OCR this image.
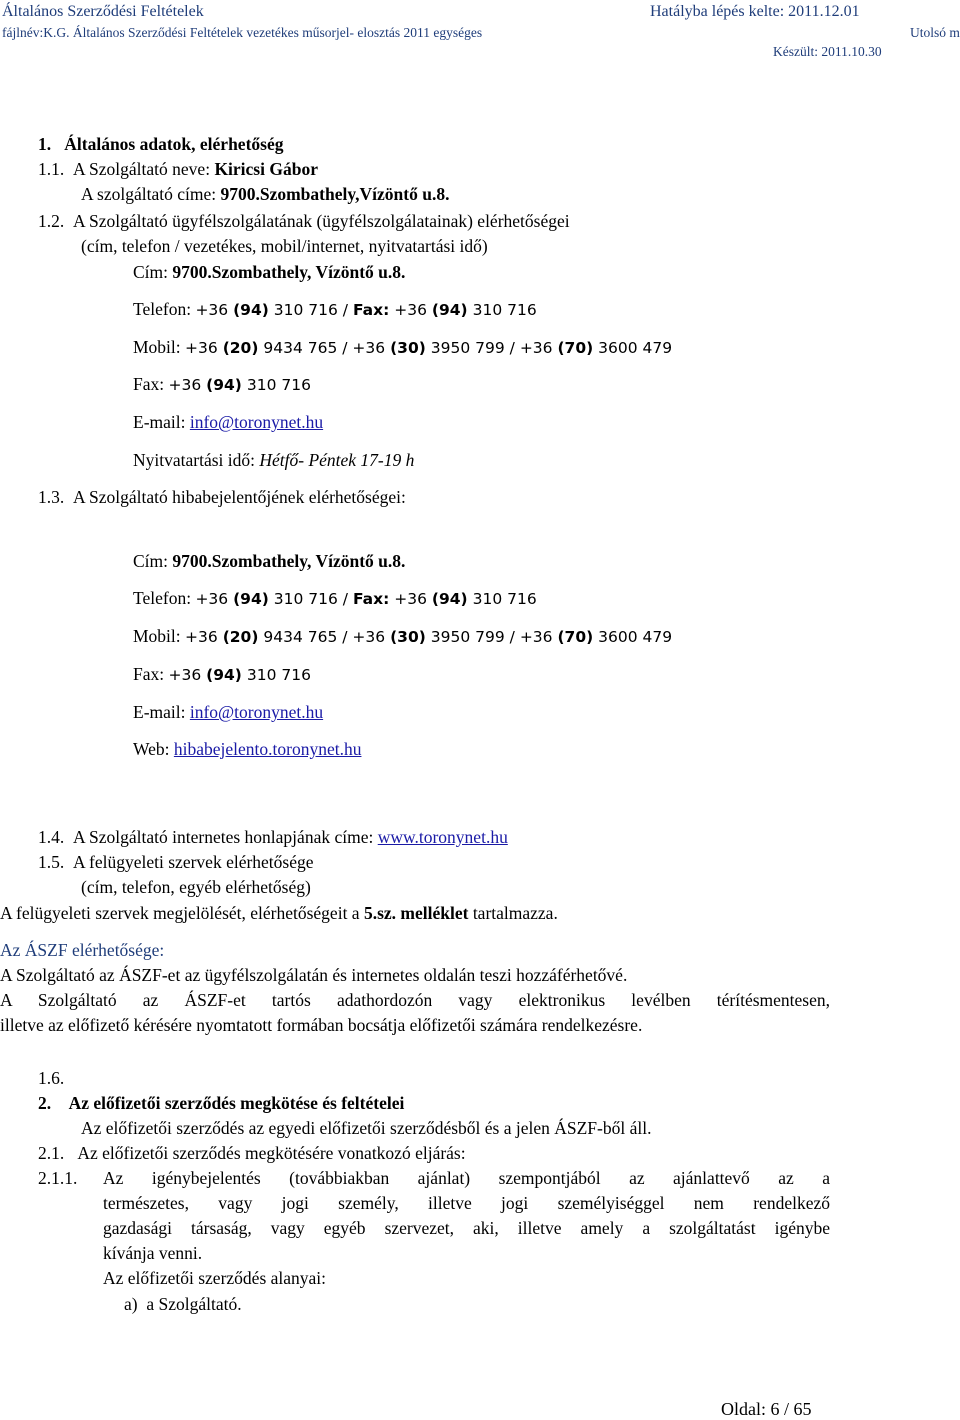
Általános Szerződési Feltételek	Hatályba lépés kelte: 2011.12.01
fájlnév:K.G. Általános Szerződési Feltételek vezetékes műsorjel- elosztás 2011 egységes	Utolsó m
Készült: 2011.10.30
1. Általános adatok, elérhetőség
1.1. A Szolgáltató neve: Kiricsi Gábor
A szolgáltató címe: 9700.Szombathely,Vízöntő u.8.
1.2. A Szolgáltató ügyfélszolgálatának (ügyfélszolgálatainak) elérhetőségei
(cím, telefon / vezetékes, mobil/internet, nyitvatartási idő)
Cím: 9700.Szombathely, Vízöntő u.8.
Telefon: +36 (94) 310 716 / Fax: +36 (94) 310 716
Mobil: +36 (20) 9434 765 / +36 (30) 3950 799 / +36 (70) 3600 479
Fax: +36 (94) 310 716
E-mail: info@toronynet.hu
Nyitvatartási idő: Hétfő- Péntek 17-19 h
1.3. A Szolgáltató hibabejelentőjének elérhetőségei:
Cím: 9700.Szombathely, Vízöntő u.8.
Telefon: +36 (94) 310 716 / Fax: +36 (94) 310 716
Mobil: +36 (20) 9434 765 / +36 (30) 3950 799 / +36 (70) 3600 479
Fax: +36 (94) 310 716
E-mail: info@toronynet.hu
Web: hibabejelento.toronynet.hu
1.4. A Szolgáltató internetes honlapjának címe: www.toronynet.hu
1.5. A felügyeleti szervek elérhetősége
(cím, telefon, egyéb elérhetőség)
A felügyeleti szervek megjelölését, elérhetőségeit a 5.sz. melléklet tartalmazza.
Az ÁSZF elérhetősége:
A Szolgáltató az ÁSZF-et az ügyfélszolgálatán és internetes oldalán teszi hozzáférhetővé.
A Szolgáltató az ÁSZF-et tartós adathordozón vagy elektronikus levélben térítésmentesen,
illetve az előfizető kérésére nyomtatott formában bocsátja előfizetői számára rendelkezésre.
1.6.
2. Az előfizetői szerződés megkötése és feltételei
Az előfizetői szerződés az egyedi előfizetői szerződésből és a jelen ÁSZF-ből áll.
2.1. Az előfizetői szerződés megkötésére vonatkozó eljárás:
2.1.1. Az igénybejelentés (továbbiakban ajánlat) szempontjából az ajánlattevő az a
természetes, vagy jogi személy, illetve jogi személyiséggel nem rendelkező
gazdasági társaság, vagy egyéb szervezet, aki, illetve amely a szolgáltatást igénybe
kívánja venni.
Az előfizetői szerződés alanyai:
a) a Szolgáltató.
Oldal: 6 / 65
